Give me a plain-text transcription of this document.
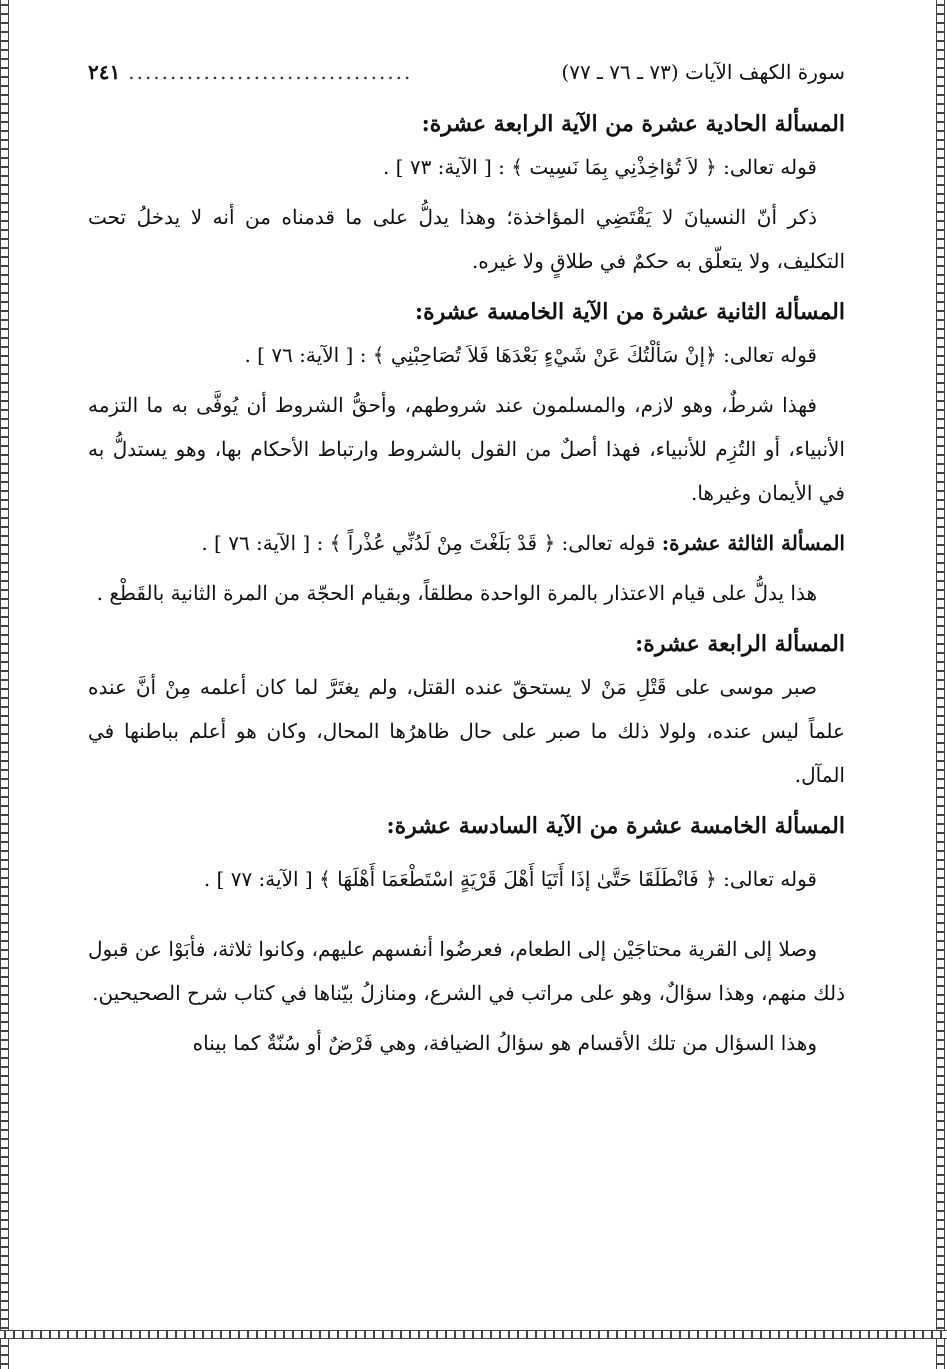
سورة الكهف الآيات (٧٣ ـ ٧٦ ـ ٧٧)
..................................
٢٤١
المسألة الحادية عشرة من الآية الرابعة عشرة:

قوله تعالى: ﴿ لاَ تُؤاخِذْنِي بِمَا نَسِيت ﴾ : [ الآية: ٧٣ ] .

ذكر أنّ النسيانَ لا يَقْتَضِي المؤاخذة؛ وهذا يدلُّ على ما قدمناه من أنه لا يدخلُ تحت التكليف، ولا يتعلّق به حكمٌ في طلاقٍ ولا غيره.

المسألة الثانية عشرة من الآية الخامسة عشرة:

قوله تعالى: ﴿إنْ سَألْتُكَ عَنْ شَيْءٍ بَعْدَهَا فَلاَ تُصَاحِبْنِي ﴾ : [ الآية: ٧٦ ] .

فهذا شرطٌ، وهو لازم، والمسلمون عند شروطهم، وأحقُّ الشروط أن يُوفَّى به ما التزمه الأنبياء، أو التُزِم للأنبياء، فهذا أصلٌ من القول بالشروط وارتباط الأحكام بها، وهو يستدلُّ به في الأيمان وغيرها.

المسألة الثالثة عشرة: قوله تعالى: ﴿ قَدْ بَلَغْتَ مِنْ لَدُنِّي عُذْراً ﴾ : [ الآية: ٧٦ ] .

هذا يدلُّ على قيام الاعتذار بالمرة الواحدة مطلقاً، وبقيام الحجّة من المرة الثانية بالقَطْع .

المسألة الرابعة عشرة:

صبر موسى على قَتْلِ مَنْ لا يستحقّ عنده القتل، ولم يغتَرَّ لما كان أعلمه مِنْ أنَّ عنده علماً ليس عنده، ولولا ذلك ما صبر على حال ظاهرُها المحال، وكان هو أعلم بباطنها في المآل.

المسألة الخامسة عشرة من الآية السادسة عشرة:

قوله تعالى: ﴿ فَانْطَلَقَا حَتَّىٰ إذَا أَتَيَا أَهْلَ قَرْيَةٍ اسْتَطْعَمَا أَهْلَهَا ﴾ [ الآية: ٧٧ ] .

وصلا إلى القرية محتاجَيْن إلى الطعام، فعرضُوا أنفسهم عليهم، وكانوا ثلاثة، فأبَوْا عن قبول ذلك منهم، وهذا سؤالٌ، وهو على مراتب في الشرع، ومنازلُ بيّناها في كتاب شرح الصحيحين.

وهذا السؤال من تلك الأقسام هو سؤالُ الضيافة، وهي فَرْضٌ أو سُنّةٌ كما بيناه
